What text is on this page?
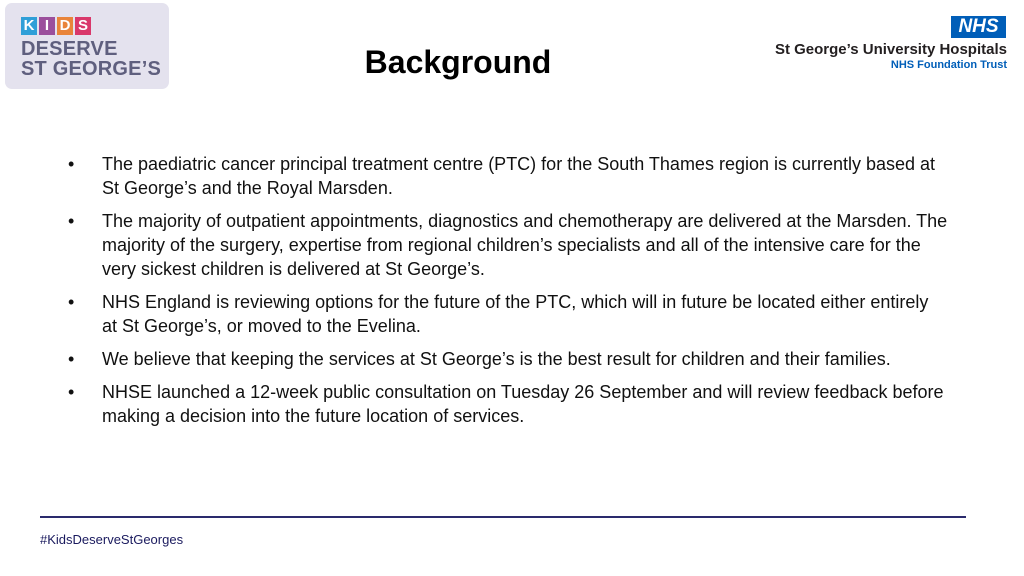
K I D S
DESERVE
ST GEORGE’S	Background
NHS
St George’s University Hospitals
NHS Foundation Trust
• The paediatric cancer principal treatment centre (PTC) for the South Thames region is currently based at St George’s and the Royal Marsden.

• The majority of outpatient appointments, diagnostics and chemotherapy are delivered at the Marsden. The majority of the surgery, expertise from regional children’s specialists and all of the intensive care for the very sickest children is delivered at St George’s.

• NHS England is reviewing options for the future of the PTC, which will in future be located either entirely at St George’s, or moved to the Evelina.

• We believe that keeping the services at St George’s is the best result for children and their families.

• NHSE launched a 12-week public consultation on Tuesday 26 September and will review feedback before making a decision into the future location of services.

#KidsDeserveStGeorges
